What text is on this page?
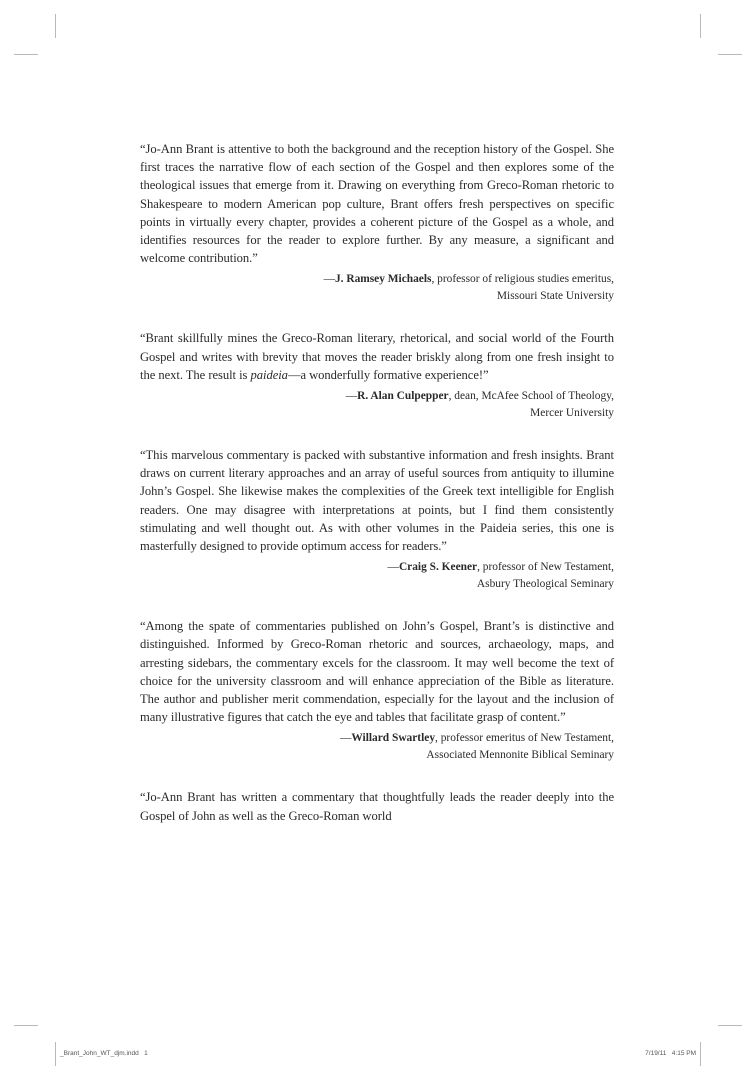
“Jo-Ann Brant is attentive to both the background and the reception history of the Gospel. She first traces the narrative flow of each section of the Gospel and then explores some of the theological issues that emerge from it. Drawing on everything from Greco-Roman rhetoric to Shakespeare to modern American pop culture, Brant offers fresh perspectives on specific points in virtually every chapter, provides a coherent picture of the Gospel as a whole, and identifies resources for the reader to explore further. By any measure, a significant and welcome contribution.”

—J. Ramsey Michaels, professor of religious studies emeritus,
Missouri State University

“Brant skillfully mines the Greco-Roman literary, rhetorical, and social world of the Fourth Gospel and writes with brevity that moves the reader briskly along from one fresh insight to the next. The result is paideia—a wonderfully formative experience!”

—R. Alan Culpepper, dean, McAfee School of Theology,
Mercer University

“This marvelous commentary is packed with substantive information and fresh insights. Brant draws on current literary approaches and an array of useful sources from antiquity to illumine John’s Gospel. She likewise makes the complexities of the Greek text intelligible for English readers. One may disagree with interpretations at points, but I find them consistently stimulating and well thought out. As with other volumes in the Paideia series, this one is masterfully designed to provide optimum access for readers.”

—Craig S. Keener, professor of New Testament,
Asbury Theological Seminary

“Among the spate of commentaries published on John’s Gospel, Brant’s is distinctive and distinguished. Informed by Greco-Roman rhetoric and sources, archaeology, maps, and arresting sidebars, the commentary excels for the classroom. It may well become the text of choice for the university classroom and will enhance appreciation of the Bible as literature. The author and publisher merit commendation, especially for the layout and the inclusion of many illustrative figures that catch the eye and tables that facilitate grasp of content.”

—Willard Swartley, professor emeritus of New Testament,
Associated Mennonite Biblical Seminary

“Jo-Ann Brant has written a commentary that thoughtfully leads the reader deeply into the Gospel of John as well as the Greco-Roman world

_Brant_John_WT_djm.indd   1	7/19/11   4:15 PM
